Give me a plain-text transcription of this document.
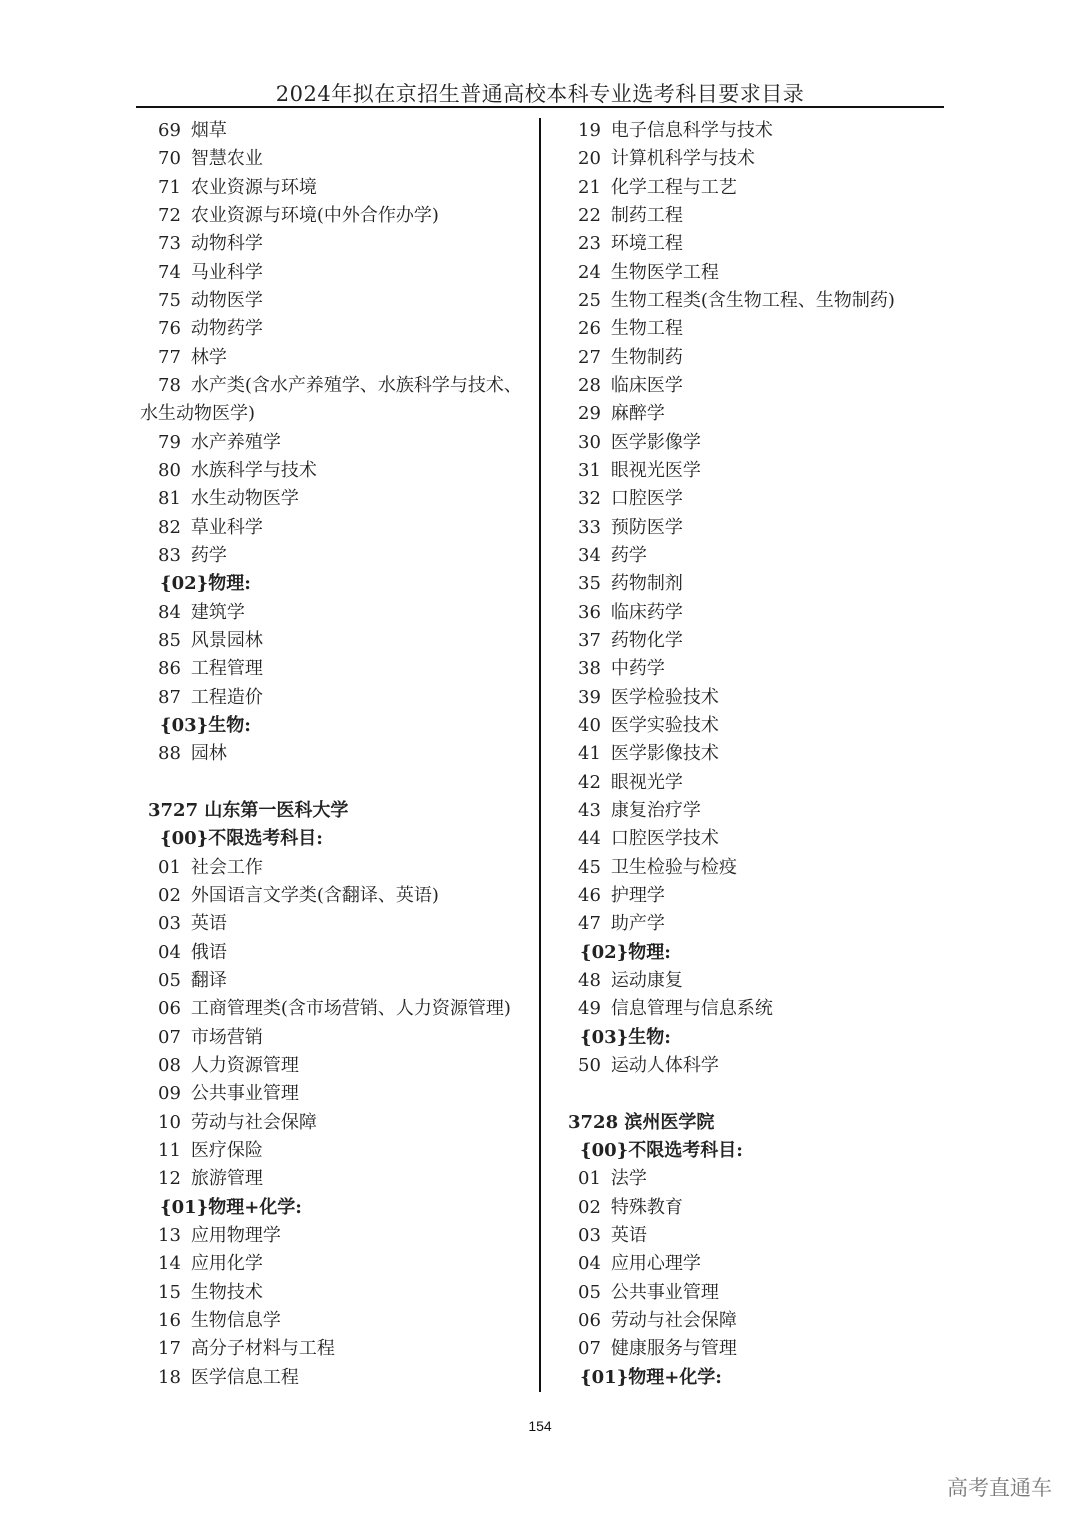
2024年拟在京招生普通高校本科专业选考科目要求目录
69 烟草
70 智慧农业
71 农业资源与环境
72 农业资源与环境(中外合作办学)
73 动物科学
74 马业科学
75 动物医学
76 动物药学
77 林学
78 水产类(含水产养殖学、水族科学与技术、
水生动物医学)
79 水产养殖学
80 水族科学与技术
81 水生动物医学
82 草业科学
83 药学
{02}物理:
84 建筑学
85 风景园林
86 工程管理
87 工程造价
{03}生物:
88 园林
3727 山东第一医科大学
{00}不限选考科目:
01 社会工作
02 外国语言文学类(含翻译、英语)
03 英语
04 俄语
05 翻译
06 工商管理类(含市场营销、人力资源管理)
07 市场营销
08 人力资源管理
09 公共事业管理
10 劳动与社会保障
11 医疗保险
12 旅游管理
{01}物理+化学:
13 应用物理学
14 应用化学
15 生物技术
16 生物信息学
17 高分子材料与工程
18 医学信息工程
19 电子信息科学与技术
20 计算机科学与技术
21 化学工程与工艺
22 制药工程
23 环境工程
24 生物医学工程
25 生物工程类(含生物工程、生物制药)
26 生物工程
27 生物制药
28 临床医学
29 麻醉学
30 医学影像学
31 眼视光医学
32 口腔医学
33 预防医学
34 药学
35 药物制剂
36 临床药学
37 药物化学
38 中药学
39 医学检验技术
40 医学实验技术
41 医学影像技术
42 眼视光学
43 康复治疗学
44 口腔医学技术
45 卫生检验与检疫
46 护理学
47 助产学
{02}物理:
48 运动康复
49 信息管理与信息系统
{03}生物:
50 运动人体科学
3728 滨州医学院
{00}不限选考科目:
01 法学
02 特殊教育
03 英语
04 应用心理学
05 公共事业管理
06 劳动与社会保障
07 健康服务与管理
{01}物理+化学:
154
高考直通车
